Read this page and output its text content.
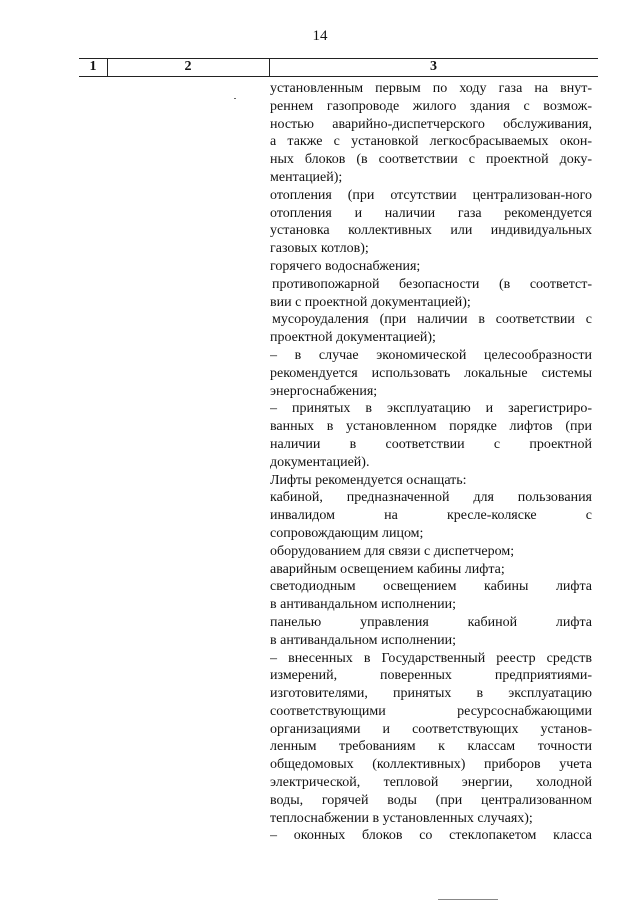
14
1	2	3
установленным первым по ходу газа на внут-
реннем газопроводе жилого здания с возмож-
ностью аварийно-диспетчерского обслуживания,
а также с установкой легкосбрасываемых окон-
ных блоков (в соответствии с проектной доку-
ментацией);
отопления (при отсутствии централизован-ного
отопления и наличии газа рекомендуется
установка коллективных или индивидуальных
газовых котлов);
горячего водоснабжения;
противопожарной безопасности (в соответст-
вии с проектной документацией);
мусороудаления (при наличии в соответствии с
проектной документацией);
– в случае экономической целесообразности
рекомендуется использовать локальные системы
энергоснабжения;
– принятых в эксплуатацию и зарегистриро-
ванных в установленном порядке лифтов (при
наличии в соответствии с проектной
документацией).
Лифты рекомендуется оснащать:
кабиной, предназначенной для пользования
инвалидом на кресле-коляске с
сопровождающим лицом;
оборудованием для связи с диспетчером;
аварийным освещением кабины лифта;
светодиодным освещением кабины лифта
в антивандальном исполнении;
панелью управления кабиной лифта
в антивандальном исполнении;
– внесенных в Государственный реестр средств
измерений, поверенных предприятиями-
изготовителями, принятых в эксплуатацию
соответствующими ресурсоснабжающими
организациями и соответствующих установ-
ленным требованиям к классам точности
общедомовых (коллективных) приборов учета
электрической, тепловой энергии, холодной
воды, горячей воды (при централизованном
теплоснабжении в установленных случаях);
– оконных блоков со стеклопакетом класса
